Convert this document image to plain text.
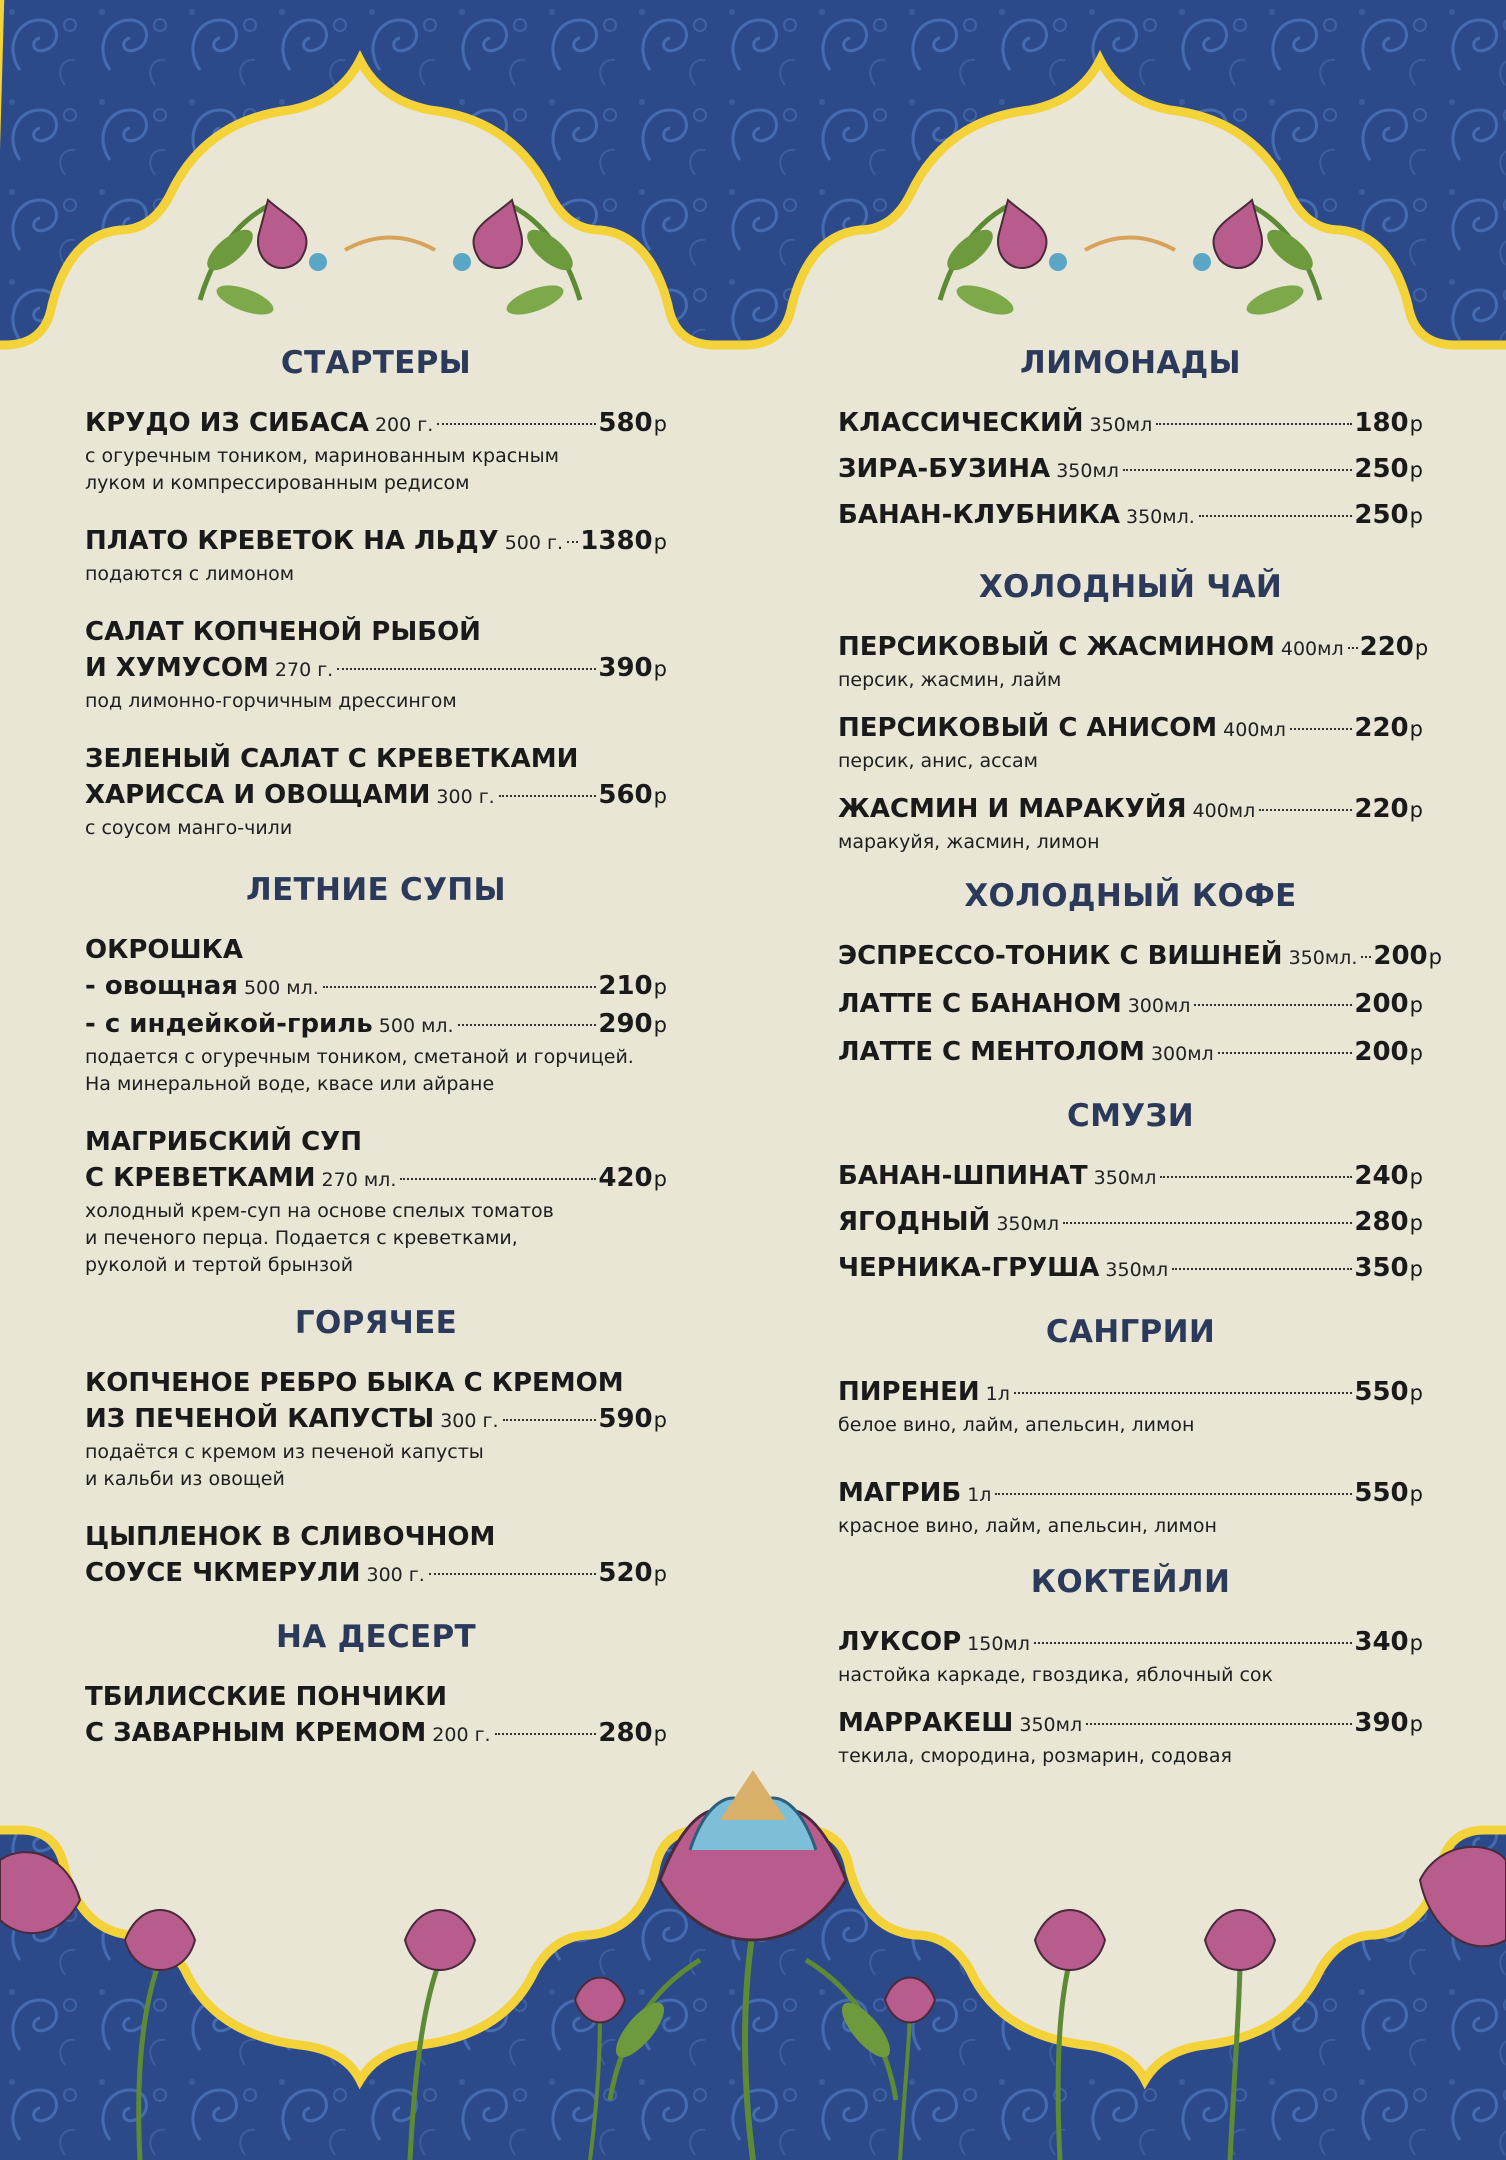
СТАРТЕРЫ
КРУДО ИЗ СИБАСА 200 г.	580 р
с огуречным тоником, маринованным красным
луком и компрессированным редисом
ПЛАТО КРЕВЕТОК НА ЛЬДУ 500 г. 1380 р
подаются с лимоном
САЛАТ КОПЧЕНОЙ РЫБОЙ
И ХУМУСОМ 270 г.	390 р
под лимонно-горчичным дрессингом
ЗЕЛЕНЫЙ САЛАТ С КРЕВЕТКАМИ
ХАРИССА И ОВОЩАМИ 300 г.	560 р
с соусом манго-чили
ЛЕТНИЕ СУПЫ
ОКРОШКА
- овощная 500 мл.	210 р
- с индейкой-гриль 500 мл.	290 р
подается с огуречным тоником, сметаной и горчицей.
На минеральной воде, квасе или айране
МАГРИБСКИЙ СУП
С КРЕВЕТКАМИ 270 мл.	420 р
холодный крем-суп на основе спелых томатов
и печеного перца. Подается с креветками,
руколой и тертой брынзой
ГОРЯЧЕЕ
КОПЧЕНОЕ РЕБРО БЫКА С КРЕМОМ
ИЗ ПЕЧЕНОЙ КАПУСТЫ 300 г.	590 р
подаётся с кремом из печеной капусты
и кальби из овощей
ЦЫПЛЕНОК В СЛИВОЧНОМ
СОУСЕ ЧКМЕРУЛИ 300 г.	520 р
НА ДЕСЕРТ
ТБИЛИССКИЕ ПОНЧИКИ
С ЗАВАРНЫМ КРЕМОМ 200 г.	280 р
ЛИМОНАДЫ
КЛАССИЧЕСКИЙ 350мл	180 р
ЗИРА-БУЗИНА 350мл	250 р
БАНАН-КЛУБНИКА 350мл.	250 р
ХОЛОДНЫЙ ЧАЙ
ПЕРСИКОВЫЙ С ЖАСМИНОМ 400мл 220 р
персик, жасмин, лайм
ПЕРСИКОВЫЙ С АНИСОМ 400мл	220 р
персик, анис, ассам
ЖАСМИН И МАРАКУЙЯ 400мл	220 р
маракуйя, жасмин, лимон
ХОЛОДНЫЙ КОФЕ
ЭСПРЕССО-ТОНИК С ВИШНЕЙ 350мл. 200 р
ЛАТТЕ С БАНАНОМ 300мл	200 р
ЛАТТЕ С МЕНТОЛОМ 300мл	200 р
СМУЗИ
БАНАН-ШПИНАТ 350мл	240 р
ЯГОДНЫЙ 350мл	280 р
ЧЕРНИКА-ГРУША 350мл	350 р
САНГРИИ
ПИРЕНЕИ 1л	550 р
белое вино, лайм, апельсин, лимон
МАГРИБ 1л	550 р
красное вино, лайм, апельсин, лимон
КОКТЕЙЛИ
ЛУКСОР 150мл	340 р
настойка каркаде, гвоздика, яблочный сок
МАРРАКЕШ 350мл	390 р
текила, смородина, розмарин, содовая
